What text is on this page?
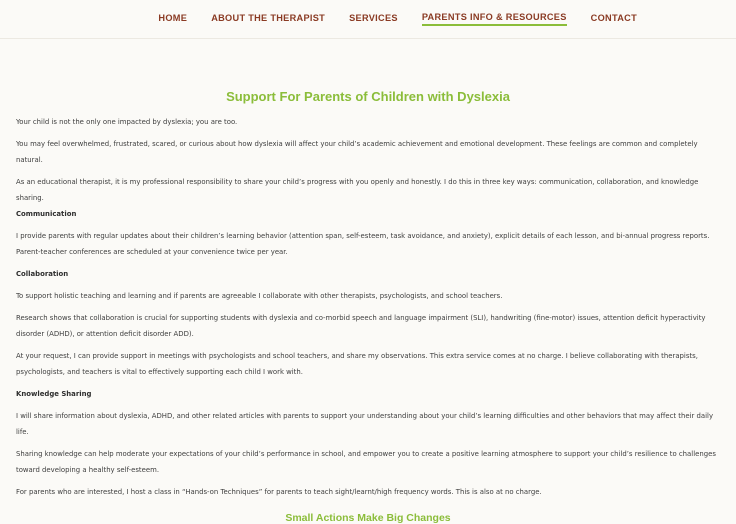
HOME	ABOUT THE THERAPIST	SERVICES	PARENTS INFO & RESOURCES	CONTACT
Support For Parents of Children with Dyslexia

Your child is not the only one impacted by dyslexia; you are too.

You may feel overwhelmed, frustrated, scared, or curious about how dyslexia will affect your child’s academic achievement and emotional development. These feelings are common and completely natural.

As an educational therapist, it is my professional responsibility to share your child’s progress with you openly and honestly. I do this in three key ways: communication, collaboration, and knowledge sharing.

Communication

I provide parents with regular updates about their children’s learning behavior (attention span, self-esteem, task avoidance, and anxiety), explicit details of each lesson, and bi-annual progress reports. Parent-teacher conferences are scheduled at your convenience twice per year.

Collaboration

To support holistic teaching and learning and if parents are agreeable I collaborate with other therapists, psychologists, and school teachers.

Research shows that collaboration is crucial for supporting students with dyslexia and co-morbid speech and language impairment (SLI), handwriting (fine-motor) issues, attention deficit hyperactivity disorder (ADHD), or attention deficit disorder ADD).

At your request, I can provide support in meetings with psychologists and school teachers, and share my observations. This extra service comes at no charge. I believe collaborating with therapists, psychologists, and teachers is vital to effectively supporting each child I work with.

Knowledge Sharing

I will share information about dyslexia, ADHD, and other related articles with parents to support your understanding about your child’s learning difficulties and other behaviors that may affect their daily life.

Sharing knowledge can help moderate your expectations of your child’s performance in school, and empower you to create a positive learning atmosphere to support your child’s resilience to challenges toward developing a healthy self-esteem.

For parents who are interested, I host a class in “Hands-on Techniques” for parents to teach sight/learnt/high frequency words. This is also at no charge.

Small Actions Make Big Changes
